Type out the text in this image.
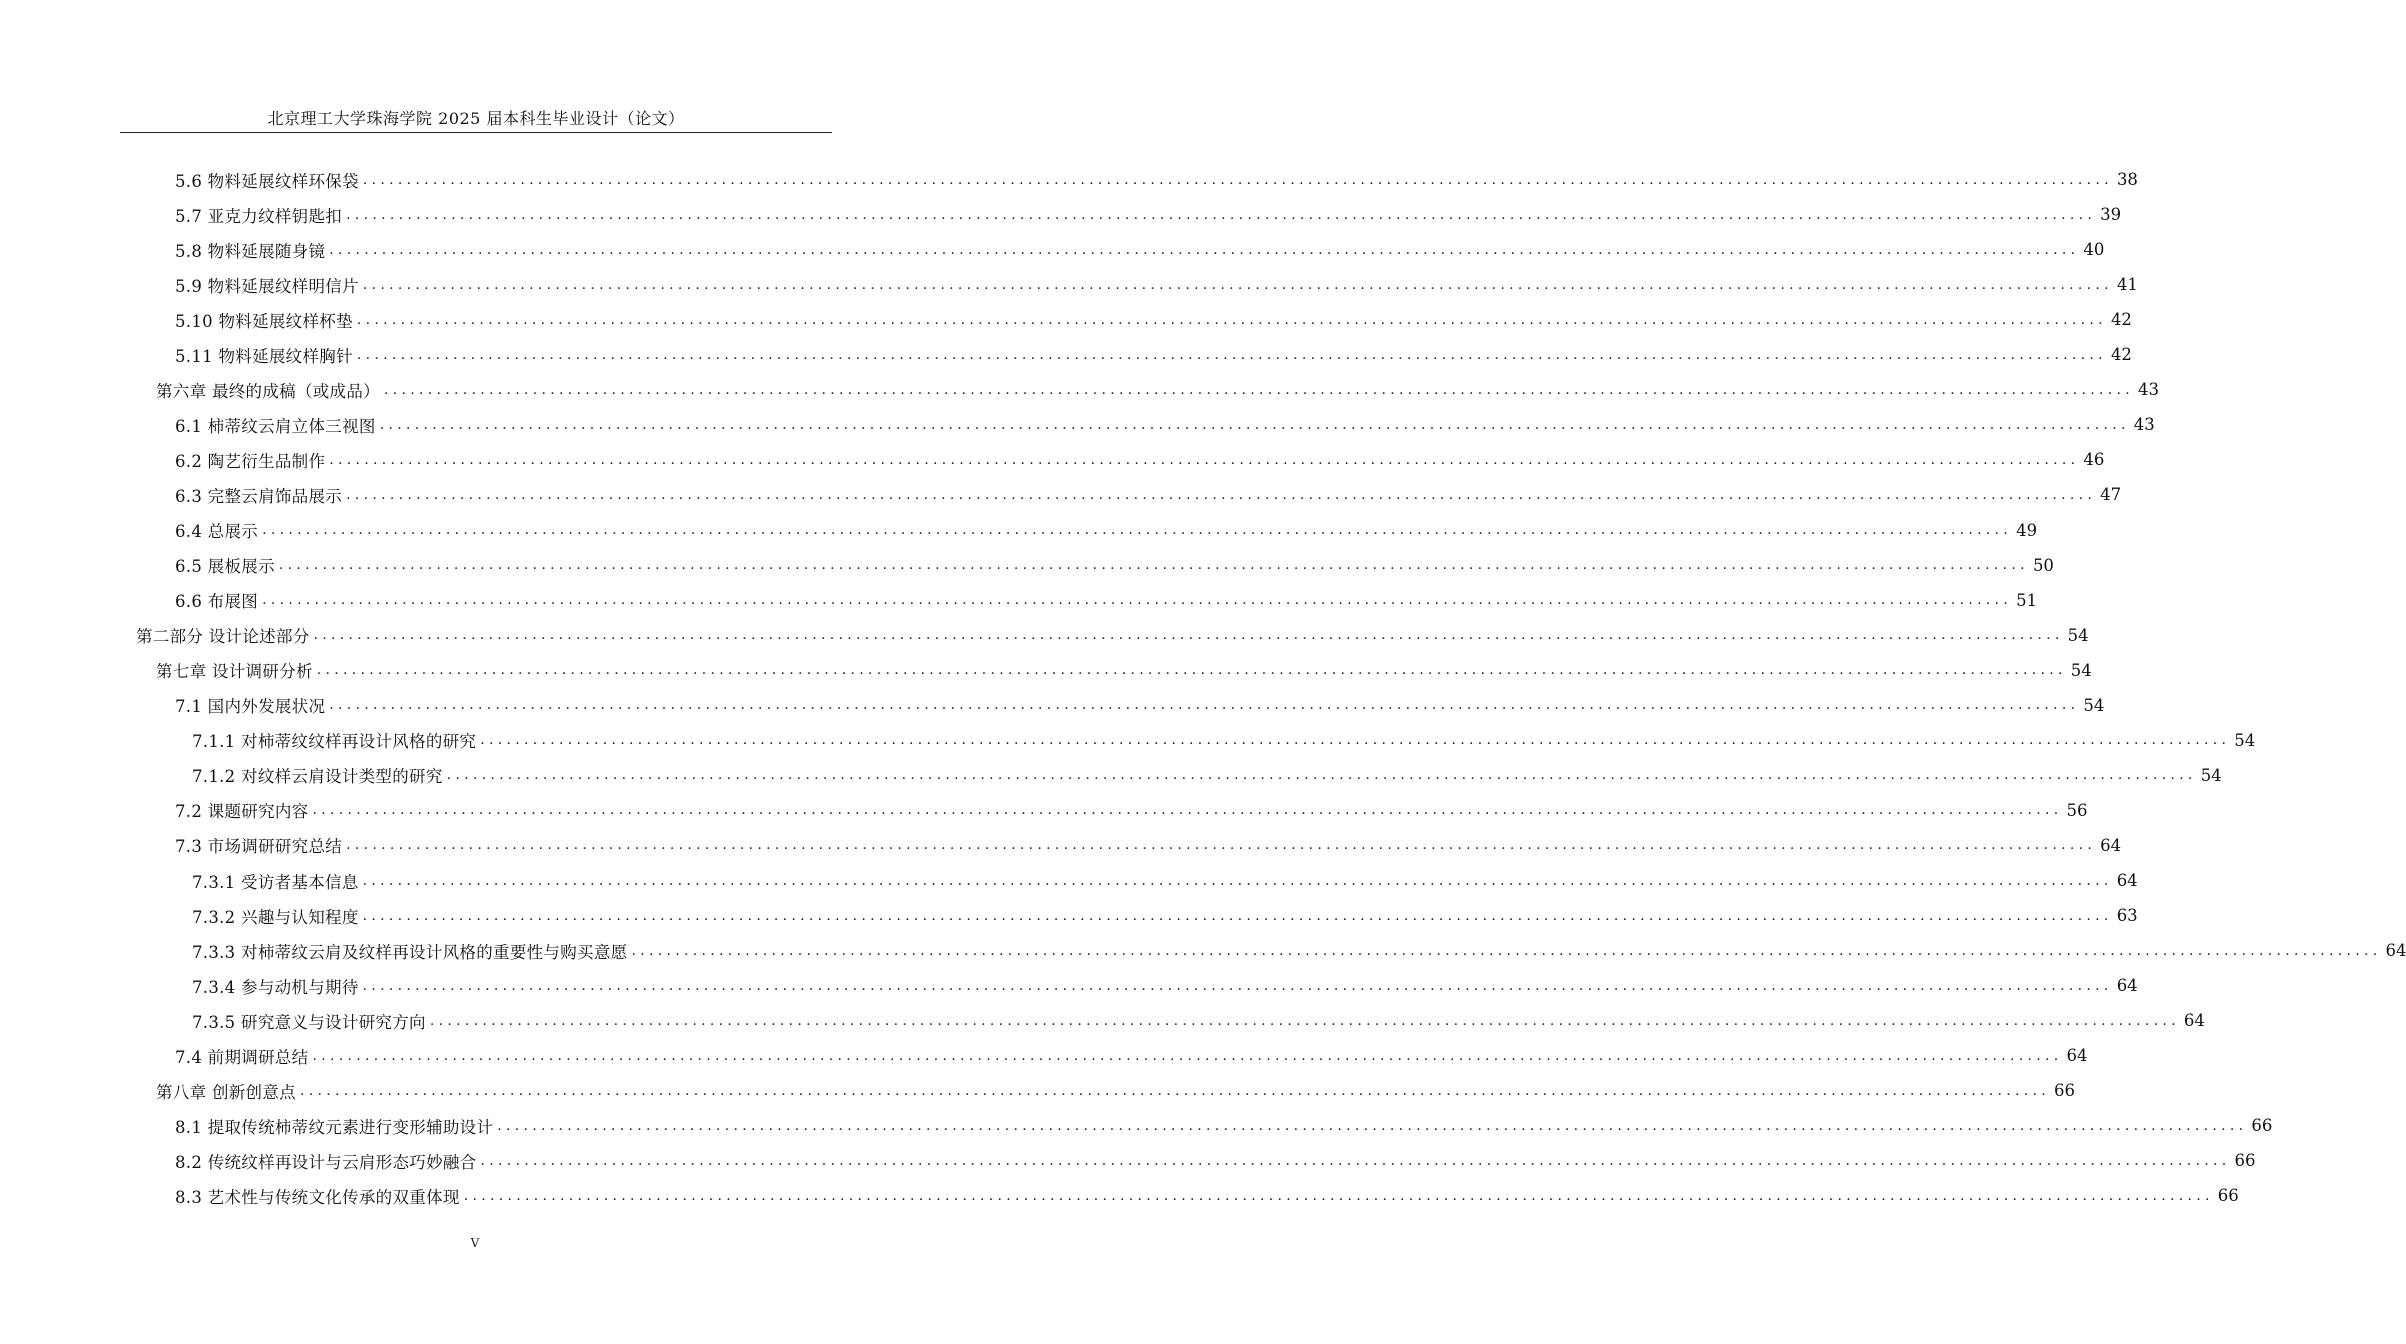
北京理工大学珠海学院 2025 届本科生毕业设计（论文）
5.6 物料延展纹样环保袋 ........................................................................................................................................................................................................ 38
5.7 亚克力纹样钥匙扣 ........................................................................................................................................................................................................ 39
5.8 物料延展随身镜 ........................................................................................................................................................................................................ 40
5.9 物料延展纹样明信片 ........................................................................................................................................................................................................ 41
5.10 物料延展纹样杯垫 ........................................................................................................................................................................................................ 42
5.11 物料延展纹样胸针 ........................................................................................................................................................................................................ 42
第六章 最终的成稿（或成品） ........................................................................................................................................................................................................ 43
6.1 柿蒂纹云肩立体三视图 ........................................................................................................................................................................................................ 43
6.2 陶艺衍生品制作 ........................................................................................................................................................................................................ 46
6.3 完整云肩饰品展示 ........................................................................................................................................................................................................ 47
6.4 总展示 ........................................................................................................................................................................................................ 49
6.5 展板展示 ........................................................................................................................................................................................................ 50
6.6 布展图 ........................................................................................................................................................................................................ 51
第二部分 设计论述部分 ........................................................................................................................................................................................................ 54
第七章 设计调研分析 ........................................................................................................................................................................................................ 54
7.1 国内外发展状况 ........................................................................................................................................................................................................ 54
7.1.1 对柿蒂纹纹样再设计风格的研究 ........................................................................................................................................................................................................ 54
7.1.2 对纹样云肩设计类型的研究 ........................................................................................................................................................................................................ 54
7.2 课题研究内容 ........................................................................................................................................................................................................ 56
7.3 市场调研研究总结 ........................................................................................................................................................................................................ 64
7.3.1 受访者基本信息 ........................................................................................................................................................................................................ 64
7.3.2 兴趣与认知程度 ........................................................................................................................................................................................................ 63
7.3.3 对柿蒂纹云肩及纹样再设计风格的重要性与购买意愿 ........................................................................................................................................................................................................ 64
7.3.4 参与动机与期待 ........................................................................................................................................................................................................ 64
7.3.5 研究意义与设计研究方向 ........................................................................................................................................................................................................ 64
7.4 前期调研总结 ........................................................................................................................................................................................................ 64
第八章 创新创意点 ........................................................................................................................................................................................................ 66
8.1 提取传统柿蒂纹元素进行变形辅助设计 ........................................................................................................................................................................................................ 66
8.2 传统纹样再设计与云肩形态巧妙融合 ........................................................................................................................................................................................................ 66
8.3 艺术性与传统文化传承的双重体现 ........................................................................................................................................................................................................ 66
V
